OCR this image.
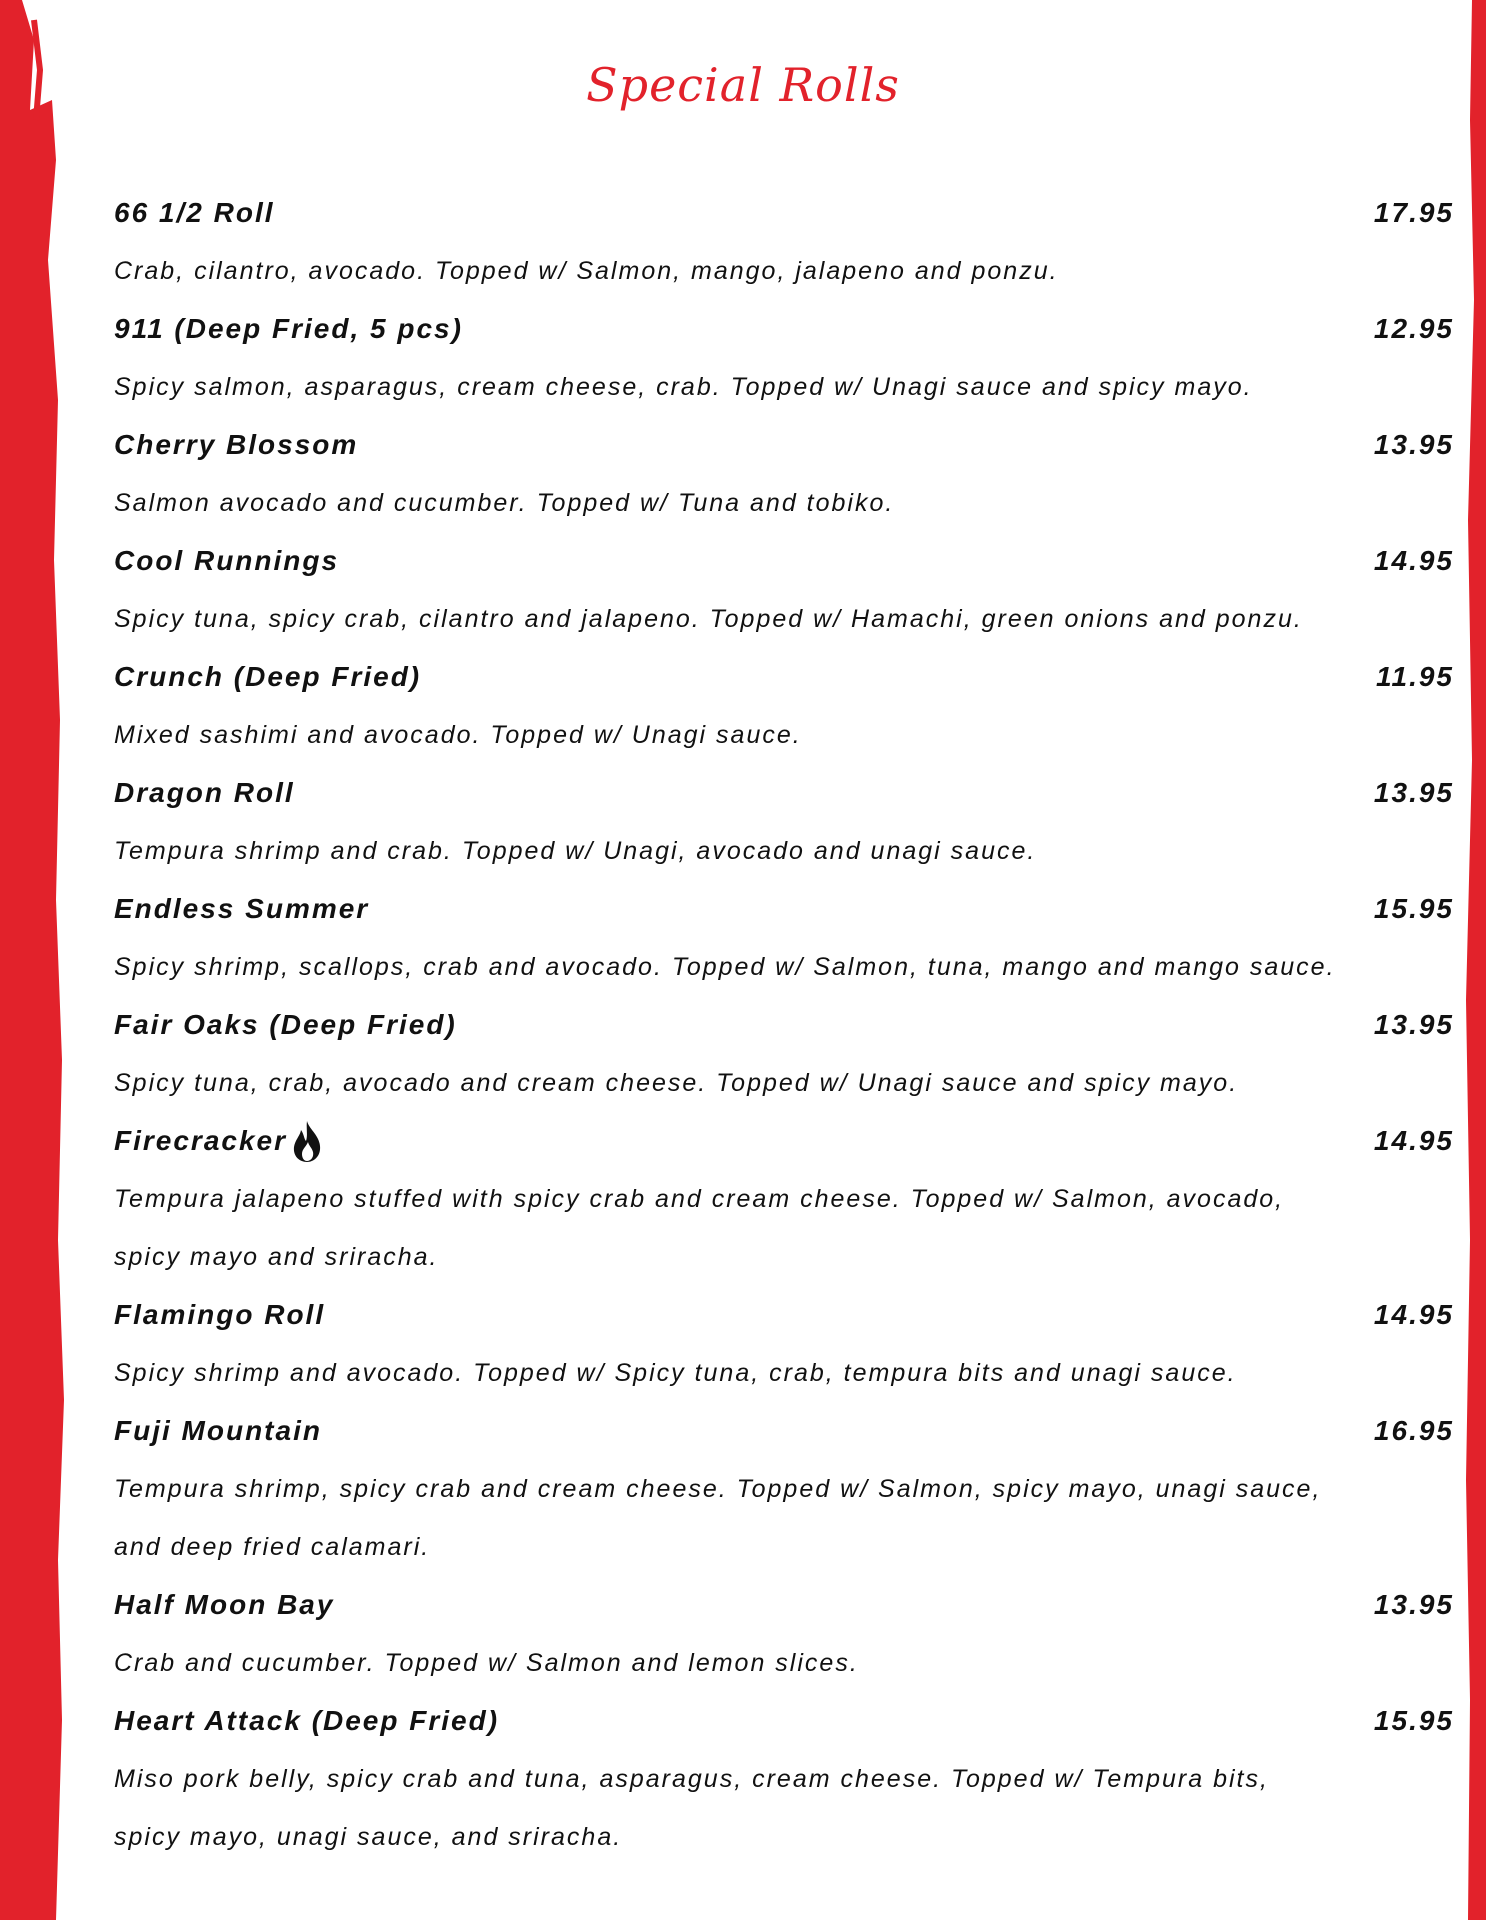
Special Rolls
66 1/2 Roll	17.95
Crab, cilantro, avocado. Topped w/ Salmon, mango, jalapeno and ponzu.
911 (Deep Fried, 5 pcs)	12.95
Spicy salmon, asparagus, cream cheese, crab. Topped w/ Unagi sauce and spicy mayo.
Cherry Blossom	13.95
Salmon avocado and cucumber. Topped w/ Tuna and tobiko.
Cool Runnings	14.95
Spicy tuna, spicy crab, cilantro and jalapeno. Topped w/ Hamachi, green onions and ponzu.
Crunch (Deep Fried)	11.95
Mixed sashimi and avocado. Topped w/ Unagi sauce.
Dragon Roll	13.95
Tempura shrimp and crab. Topped w/ Unagi, avocado and unagi sauce.
Endless Summer	15.95
Spicy shrimp, scallops, crab and avocado. Topped w/ Salmon, tuna, mango and mango sauce.
Fair Oaks (Deep Fried)	13.95
Spicy tuna, crab, avocado and cream cheese. Topped w/ Unagi sauce and spicy mayo.
Firecracker	14.95
Tempura jalapeno stuffed with spicy crab and cream cheese. Topped w/ Salmon, avocado,
spicy mayo and sriracha.
Flamingo Roll	14.95
Spicy shrimp and avocado. Topped w/ Spicy tuna, crab, tempura bits and unagi sauce.
Fuji Mountain	16.95
Tempura shrimp, spicy crab and cream cheese. Topped w/ Salmon, spicy mayo, unagi sauce,
and deep fried calamari.
Half Moon Bay	13.95
Crab and cucumber. Topped w/ Salmon and lemon slices.
Heart Attack (Deep Fried)	15.95
Miso pork belly, spicy crab and tuna, asparagus, cream cheese. Topped w/ Tempura bits,
spicy mayo, unagi sauce, and sriracha.
